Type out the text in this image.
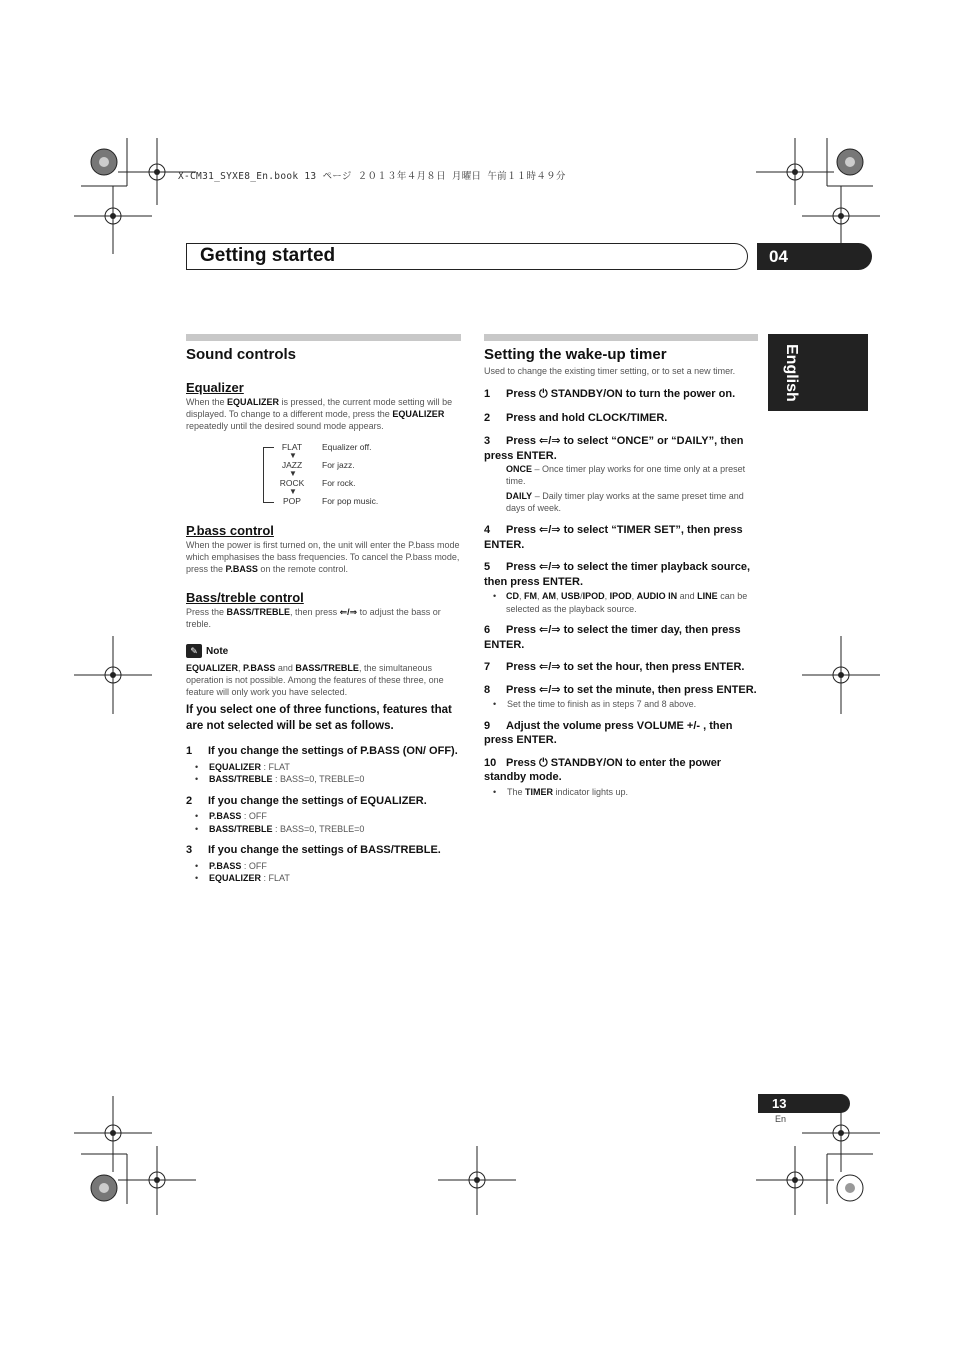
X-CM31_SYXE8_En.book 13 ページ ２０１３年４月８日 月曜日 午前１１時４９分
Getting started	04
English
Sound controls
Equalizer

When the EQUALIZER is pressed, the current mode setting will be displayed. To change to a different mode, press the EQUALIZER repeatedly until the desired sound mode appears.

FLAT	Equalizer off.
▼
JAZZ	For jazz.
▼
ROCK	For rock.
▼
POP	For pop music.
P.bass control

When the power is first turned on, the unit will enter the P.bass mode which emphasises the bass frequencies. To cancel the P.bass mode, press the P.BASS on the remote control.

Bass/treble control

Press the BASS/TREBLE, then press ⇐/⇒ to adjust the bass or treble.

✎ Note

EQUALIZER, P.BASS and BASS/TREBLE, the simultaneous operation is not possible. Among the features of these three, one feature will only work you have selected.

If you select one of three functions, features that are not selected will be set as follows.

1 If you change the settings of P.BASS (ON/ OFF).

• EQUALIZER : FLAT
• BASS/TREBLE : BASS=0, TREBLE=0

2 If you change the settings of EQUALIZER.

• P.BASS : OFF
• BASS/TREBLE : BASS=0, TREBLE=0

3 If you change the settings of BASS/TREBLE.

• P.BASS : OFF
• EQUALIZER : FLAT
Setting the wake-up timer

Used to change the existing timer setting, or to set a new timer.

1 Press ⏻ STANDBY/ON to turn the power on.

2 Press and hold CLOCK/TIMER.

3 Press ⇐/⇒ to select “ONCE” or “DAILY”, then press ENTER.

ONCE – Once timer play works for one time only at a preset time.

DAILY – Daily timer play works at the same preset time and days of week.

4 Press ⇐/⇒ to select “TIMER SET”, then press ENTER.

5 Press ⇐/⇒ to select the timer playback source, then press ENTER.

• CD, FM, AM, USB/IPOD, IPOD, AUDIO IN and LINE can be selected as the playback source.

6 Press ⇐/⇒ to select the timer day, then press ENTER.

7 Press ⇐/⇒ to set the hour, then press ENTER.

8 Press ⇐/⇒ to set the minute, then press ENTER.

• Set the time to finish as in steps 7 and 8 above.

9 Adjust the volume press VOLUME +/- , then press ENTER.

10 Press ⏻ STANDBY/ON to enter the power standby mode.

• The TIMER indicator lights up.
13
En
